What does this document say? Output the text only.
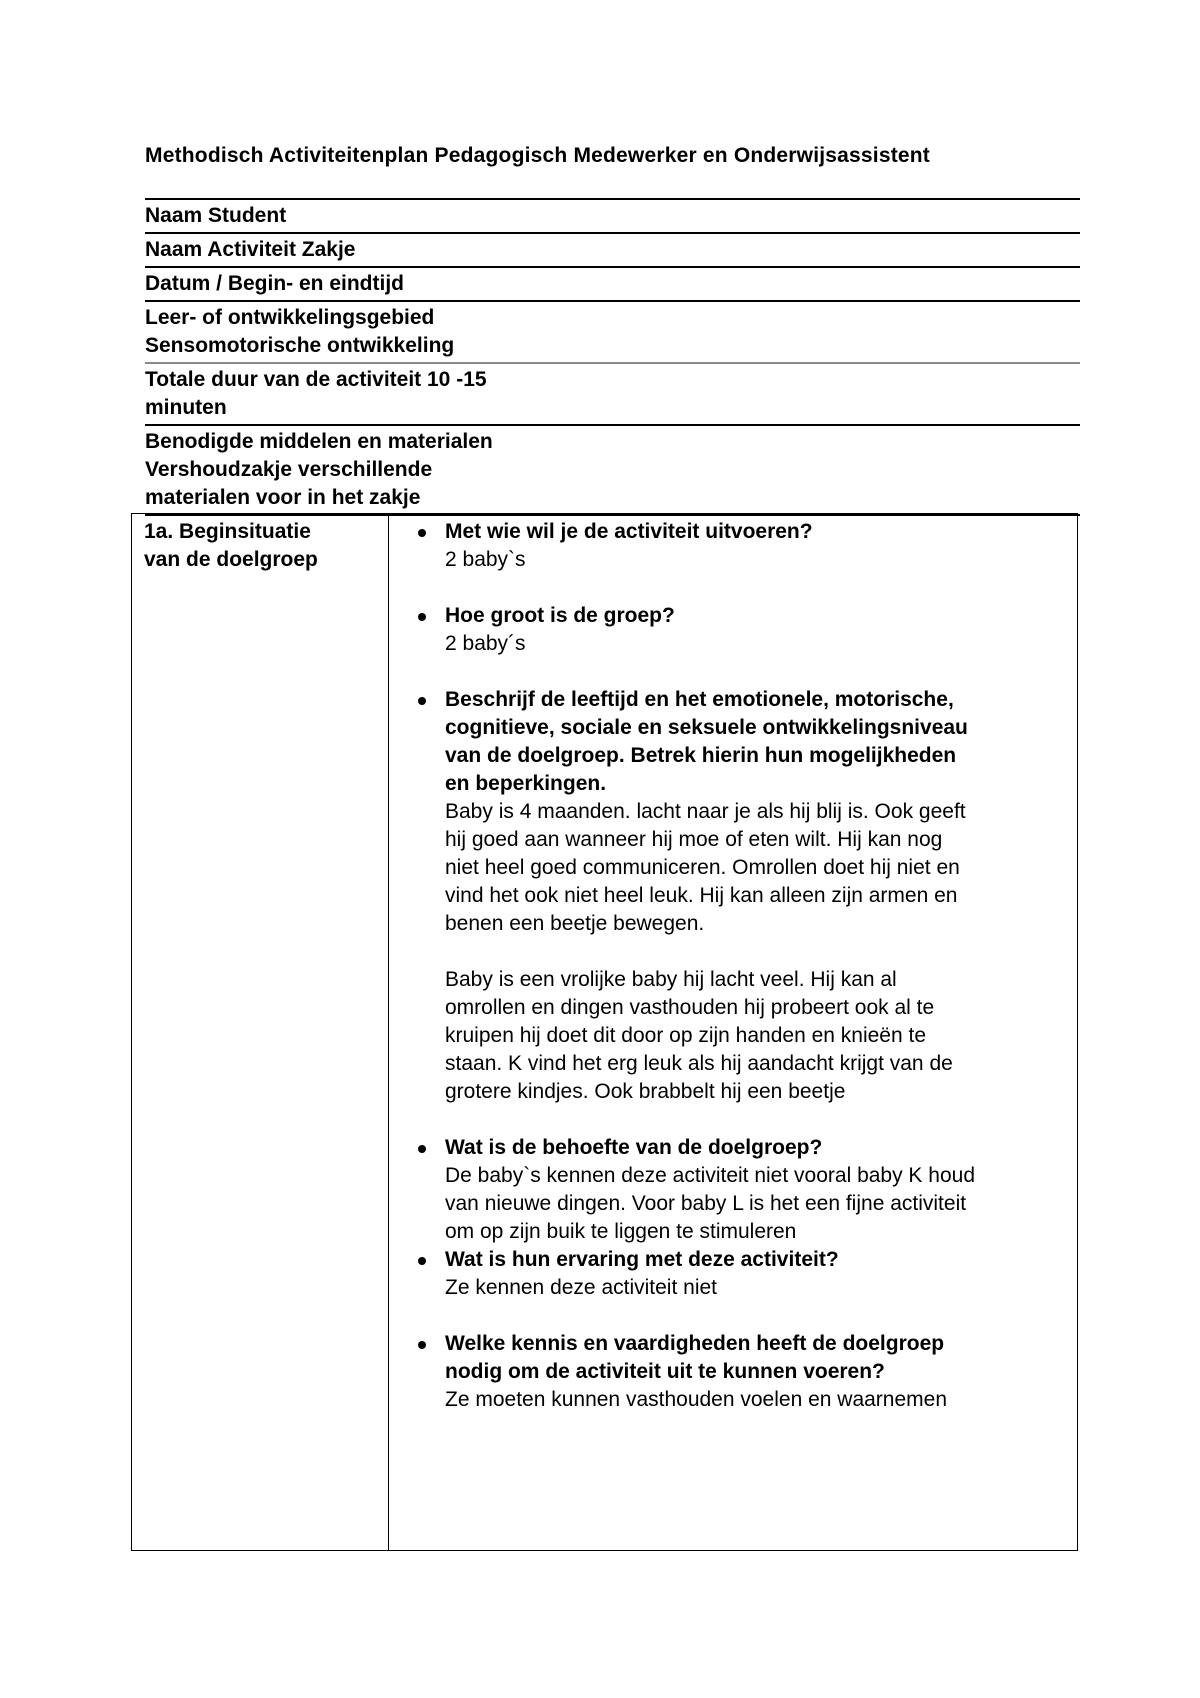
Methodisch Activiteitenplan Pedagogisch Medewerker en Onderwijsassistent
Naam Student
Naam Activiteit Zakje
Datum / Begin- en eindtijd
Leer- of ontwikkelingsgebied
Sensomotorische ontwikkeling
Totale duur van de activiteit 10 -15
minuten
Benodigde middelen en materialen
Vershoudzakje verschillende
materialen voor in het zakje
1a. Beginsituatie
van de doelgroep
Met wie wil je de activiteit uitvoeren?
2 baby`s
Hoe groot is de groep?
2 baby´s
Beschrijf de leeftijd en het emotionele, motorische,
cognitieve, sociale en seksuele ontwikkelingsniveau
van de doelgroep. Betrek hierin hun mogelijkheden
en beperkingen.
Baby is 4 maanden. lacht naar je als hij blij is. Ook geeft
hij goed aan wanneer hij moe of eten wilt. Hij kan nog
niet heel goed communiceren. Omrollen doet hij niet en
vind het ook niet heel leuk. Hij kan alleen zijn armen en
benen een beetje bewegen.
Baby is een vrolijke baby hij lacht veel. Hij kan al
omrollen en dingen vasthouden hij probeert ook al te
kruipen hij doet dit door op zijn handen en knieën te
staan. K vind het erg leuk als hij aandacht krijgt van de
grotere kindjes. Ook brabbelt hij een beetje
Wat is de behoefte van de doelgroep?
De baby`s kennen deze activiteit niet vooral baby K houd
van nieuwe dingen. Voor baby L is het een fijne activiteit
om op zijn buik te liggen te stimuleren
Wat is hun ervaring met deze activiteit?
Ze kennen deze activiteit niet
Welke kennis en vaardigheden heeft de doelgroep
nodig om de activiteit uit te kunnen voeren?
Ze moeten kunnen vasthouden voelen en waarnemen
